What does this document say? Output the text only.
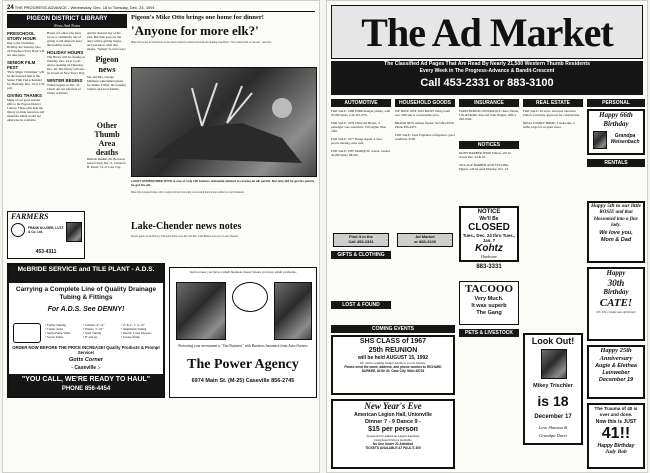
24 THE PROGRESS-ADVANCE - Wednesday, Dec. 18 to Tuesday, Dec. 24, 1991
PIGEON DISTRICT LIBRARY
News And Notes
PRESCHOOL STORY HOUR
Due to the Christmas Holiday, the Tuesday, Dec. 24 Preschool Story Hour will not take place.
SENIOR FILM FEST
"How Magic Christmas" will be the featured film at the Senior Film Fest scheduled for Thursday, Dec. 19 at 1:30 p.m.
GIVING THANKS
Many of our good patrons gifts to the Pigeon District Library. These gifts help the library provide resources and materials which would not otherwise be available.
House of Ladies who have set up a community tree of giving to aid others in need this holiday season.
HOLIDAY HOURS
The library will be closing on Tuesday, Dec. 24 at 5 p.m. and re-opening on Thursday, Dec. 26. The library will also be closed on New Year's Day.
WINTER BEGINS
Winter begins on Dec. 21. Check out our selection of winter activities.
and the shortest day of the year. But time goes on, the days will be getting longer, and you know what that means, "Spring" is on its way!
Pigeon news
Mr. and Mrs. George Matthews entertained guests for dinner. Friday, the Lansing visitors and local friends.
Other Thumb Area deaths
Belinda Rankin, 66, Bad Axe; passed away Dec. 9. Cameron H. Knoll, 74, of Cass City.
FARMERS
FRANK KLUGER, LUTZ & Co. Ltd.
453-4311
McBRIDE SERVICE and TILE PLANT - A.D.S.
Carrying a Complete Line of Quality Drainage Tubing & Fittings
For A.D.S. See DENNY!
• Trailer Staking
• Trailer Jacks
• Sump Pump Wells
• Septic Tanks
• Cement, 4" 12"
• Plastic, 3"-24"
• Steel Tubing
• 8" and up
• 4" K.C. 1" to 12"
• Aluminum Tubing
• Interbl. Lawn Mowers
• Grease Pump
ORDER NOW BEFORE THE PRICE INCREASE! Quality Products & Prompt Service!
Gotts Corner
- Caseville :-
"YOU CALL, WE'RE READY TO HAUL"
PHONE 856-4454
Pigeon's Mike Otto brings one home for dinner!
'Anyone for more elk?'
Mike Otto poses in Sausarchie on the dealer when he returned from his elk hunting expedition. "We worked hard for the elk," said Otto.
LUCKY HUNTER MIKE OTTO is one of only 100 hunters statewide allotted to receive an elk permit. Not only did he get his permit, he got his elk.
Mike Otto returned home with a trophy bull elk following a successful hunt in the northern Lower Peninsula.
Lake-Chender news notes
Recent guests at the Harvey Schroeder home were Mr. and Mrs. John Binkert and son of Lake Chender.
Just because you have a small business doesn't mean you have small problems.
Protecting your investment is "Our Business" with Business Insurance from Auto-Owners
The Power Agency
6974 Main St. (M-25) Caseville 856-2745
The Ad Market
The Classified Ad Pages That Are Read By Nearly 21,500 Western Thumb Residents
Every Week in The Progress-Advance & Bandit-Crescent
Call 453-2331 or 883-3100
AUTOMOTIVE
FOR SALE: 1988 FORD Ranger pickup, with 25,000 miles. Call 453-2551.
FOR SALE: 1979 Chevrolet Blazer, 4 passenger van, automatic, 350 engine. Best offer.
FOR SALE: 1977 Dodge Aspen, 4-door, power steering, runs well.
FOR SALE: 1987 MARQUIS, 4-door, loaded, 42,000 miles. $8,500.
Find it in the
Call 453-2331
GIFTS & CLOTHING
LOST & FOUND
HOUSEHOLD GOODS
WE HAVE ONE TOO MANY living room sets. Will sell at a reasonable price.
BRAND NEW Amana freezer. Sacrifice $550. Phone 856-4475.
FOR SALE: Used Frigidaire refrigerator, good condition. $100.
Ad Market
or 883-3100
INSURANCE
FARM BUREAU INSURANCE: Auto, Home, Life & Health. Ken and Julie Wagner, Office 269-5566.
NOTICES
DON'S BARBER SHOP, Elkton, will be closed Dec. 24 & 25.
VILLAGE BARBER AND STYLING, Pigeon, will be open Monday, Dec. 23.
NOTICE
We'll Be
CLOSED
Tues., Dec. 24 thru Tues., Jan. 7
Kohtz
Hardware
883-3331
TACOOO
Very Much.
It was superb
The Gang
PETS & LIVESTOCK
REAL ESTATE
FOR SALE: 40 acres, surveyed land near Elkton. Currently approved for construction.
IDEAL FAMILY HOME, 3 bedrooms, 2 baths, large lot on quiet street.
Look Out!
Mikey Trischler
is 18
December 17
Love Shawna &
Grandpa Duret
COMING EVENTS
SHS CLASS of 1967
25th REUNION
will be held AUGUST 15, 1992
We will be sending further details to you in January.
Please send the name, address, and phone number to RICHARD DURKEE, 84 Ith St. Cass City. Mich 48726
New Year's Eve
American Legion Hall, Unionville
Dinner 7 - 9 Dance 9 -
$15 per person
Sponsored by American Legion Auxiliary
Designated Drivers Available
No One Under 21 Admitted
TICKETS AVAILABLE AT PAUL'S 300
PERSONAL
Happy 66th
Birthday
Grandpa Weisenbach
RENTALS
Happy 5th to our little
ROSIE and that blossomed into a fine lady.
We love you,
Mom & Dad
Happy
30th
Birthday
CATE!
P.S. The Cookie was delicious!
Happy 25th
Anniversary
Augie & Elethea
Leinweber
December 19
The Trauma of 40 is over and done.
Now this is JUST
41!!
Happy Birthday
Judy Bob
